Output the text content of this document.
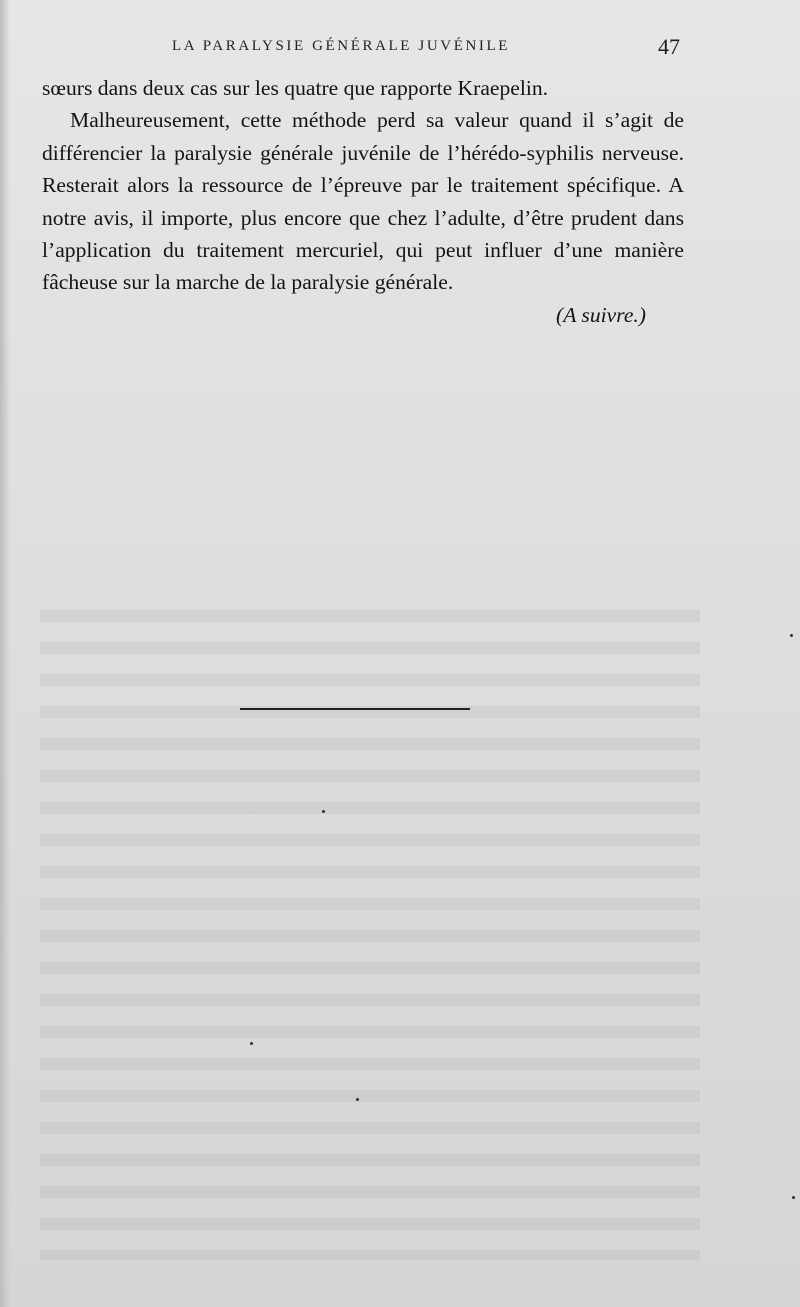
LA PARALYSIE GÉNÉRALE JUVÉNILE	47

sœurs dans deux cas sur les quatre que rapporte Kraepelin.

Malheureusement, cette méthode perd sa valeur quand il s’agit de différencier la paralysie générale juvénile de l’hérédo-syphilis nerveuse. Resterait alors la ressource de l’épreuve par le traitement spécifique. A notre avis, il importe, plus encore que chez l’adulte, d’être prudent dans l’application du traitement mercuriel, qui peut influer d’une manière fâcheuse sur la marche de la paralysie générale.

(A suivre.)
